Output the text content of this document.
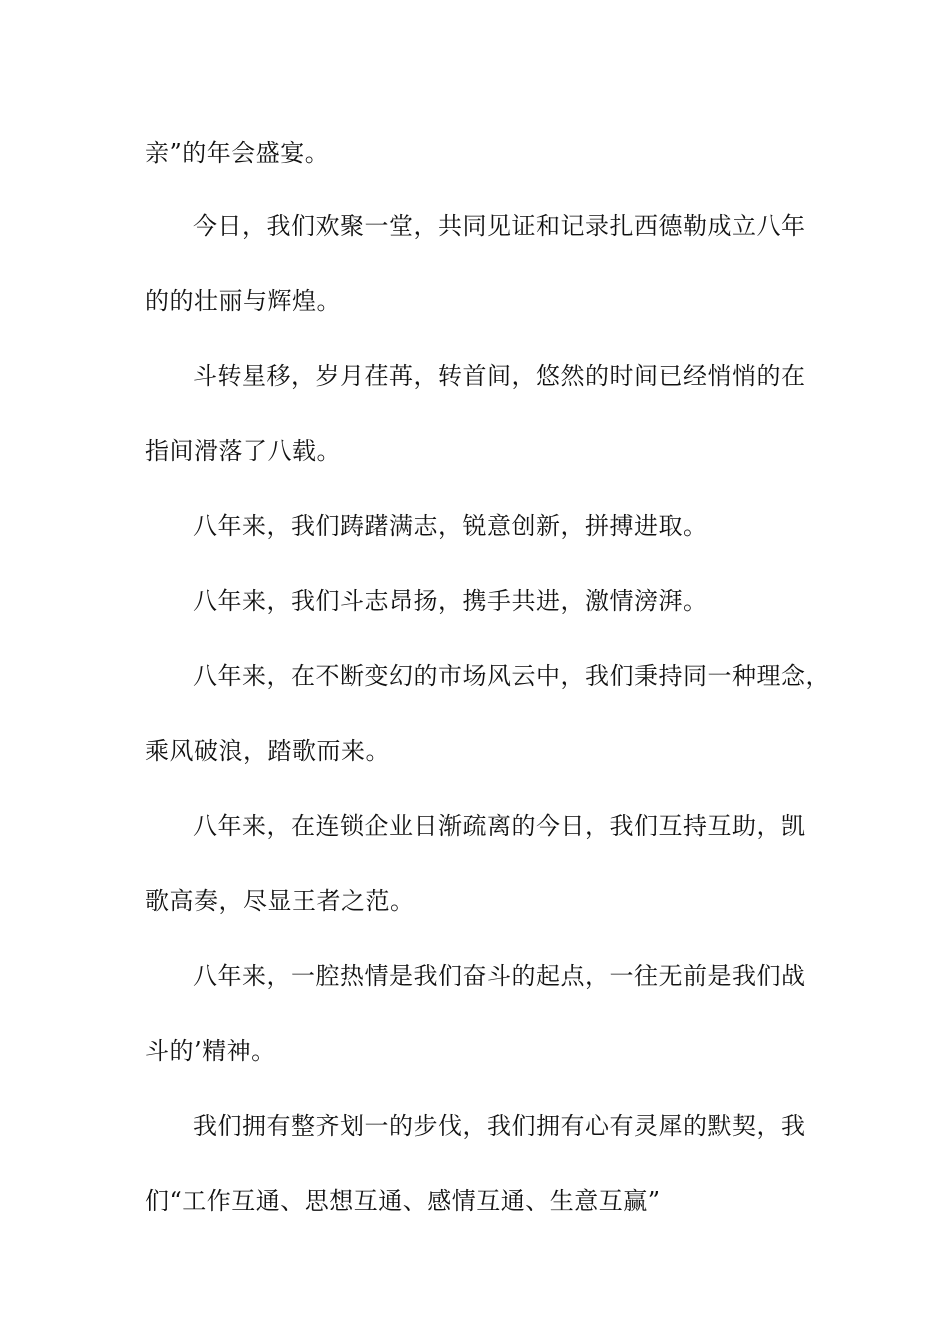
亲”的年会盛宴。
今日，我们欢聚一堂，共同见证和记录扎西德勒成立八年
的的壮丽与辉煌。
斗转星移，岁月荏苒，转首间，悠然的时间已经悄悄的在
指间滑落了八载。
八年来，我们踌躇满志，锐意创新，拼搏进取。
八年来，我们斗志昂扬，携手共进，激情滂湃。
八年来，在不断变幻的市场风云中，我们秉持同一种理念，
乘风破浪，踏歌而来。
八年来，在连锁企业日渐疏离的今日，我们互持互助，凯
歌高奏，尽显王者之范。
八年来，一腔热情是我们奋斗的起点，一往无前是我们战
斗的’精神。
我们拥有整齐划一的步伐，我们拥有心有灵犀的默契，我
们“工作互通、思想互通、感情互通、生意互赢”
